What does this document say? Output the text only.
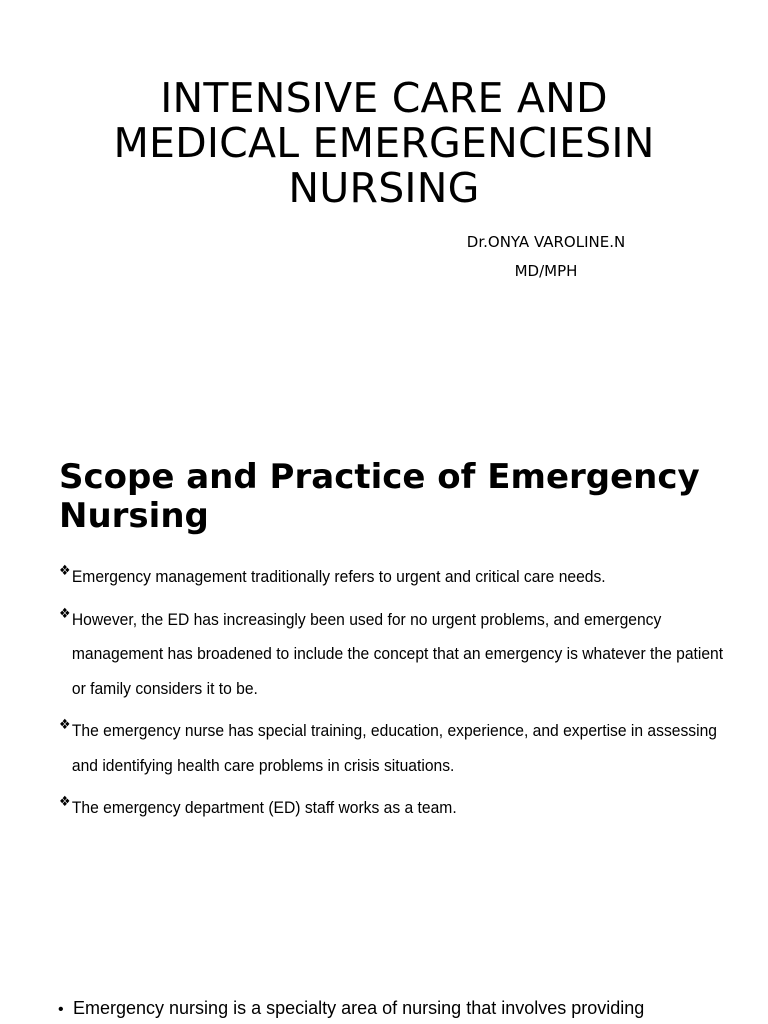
INTENSIVE CARE AND MEDICAL EMERGENCIESIN NURSING
Dr.ONYA VAROLINE.N
MD/MPH
Scope and Practice of Emergency Nursing
❖ Emergency management traditionally refers to urgent and critical care needs.
❖ However, the ED has increasingly been used for no urgent problems, and emergency management has broadened to include the concept that an emergency is whatever the patient or family considers it to be.
❖ The emergency nurse has special training, education, experience, and expertise in assessing and identifying health care problems in crisis situations.
❖ The emergency department (ED) staff works as a team.
• Emergency nursing is a specialty area of nursing that involves providing
